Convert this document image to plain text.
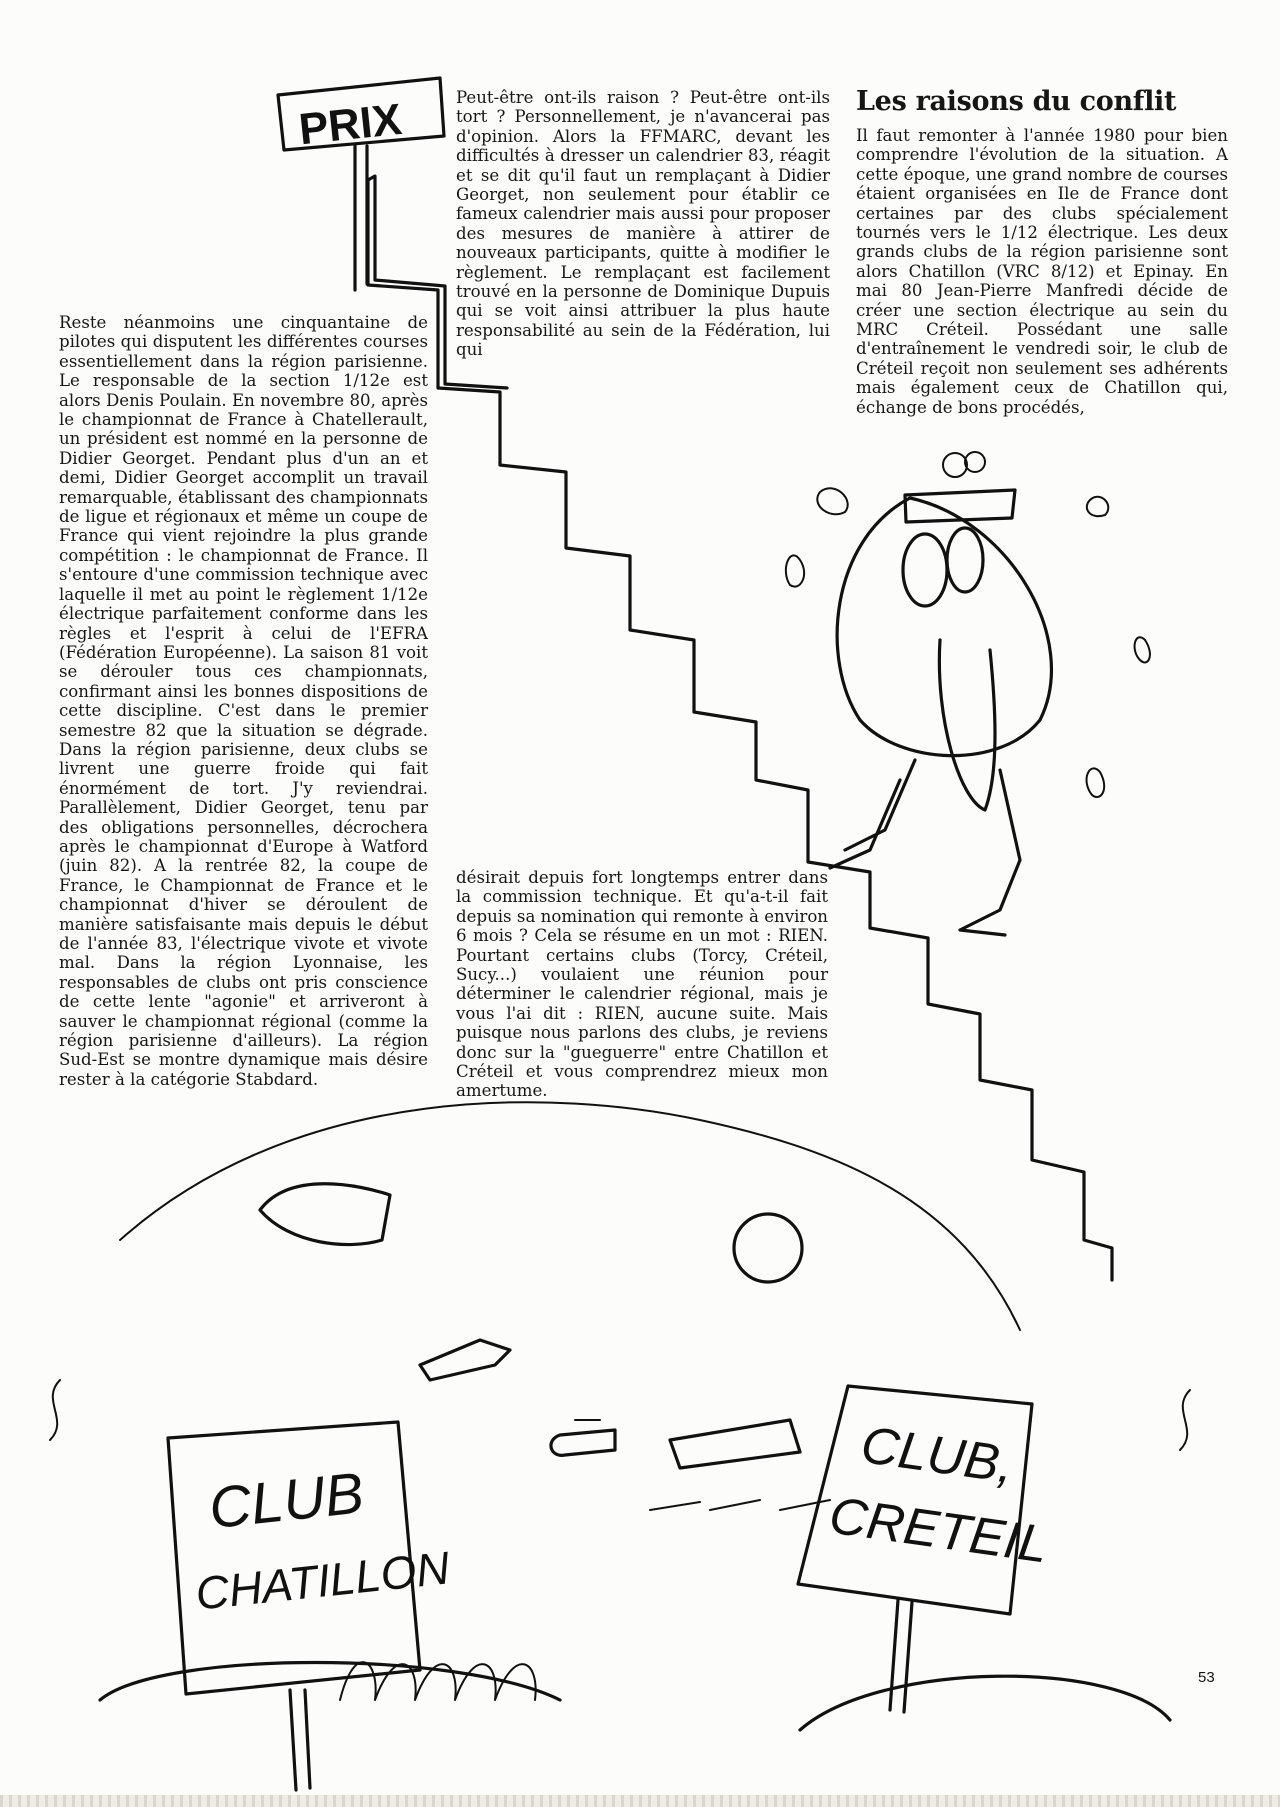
PRIX
CLUB
CHATILLON
CLUB,
CRETEIL
Les raisons du conflit

Peut-être ont-ils raison ? Peut-être ont-ils tort ? Personnellement, je n'avancerai pas d'opinion. Alors la FFMARC, devant les difficultés à dresser un calendrier 83, réagit et se dit qu'il faut un remplaçant à Didier Georget, non seulement pour établir ce fameux calendrier mais aussi pour proposer des mesures de manière à attirer de nouveaux participants, quitte à modifier le règlement. Le remplaçant est facilement trouvé en la personne de Dominique Dupuis qui se voit ainsi attribuer la plus haute responsabilité au sein de la Fédération, lui qui

Il faut remonter à l'année 1980 pour bien comprendre l'évolution de la situation. A cette époque, une grand nombre de courses étaient organisées en Ile de France dont certaines par des clubs spécialement tournés vers le 1/12 électrique. Les deux grands clubs de la région parisienne sont alors Chatillon (VRC 8/12) et Epinay. En mai 80 Jean-Pierre Manfredi décide de créer une section électrique au sein du MRC Créteil. Possédant une salle d'entraînement le vendredi soir, le club de Créteil reçoit non seulement ses adhérents mais également ceux de Chatillon qui, échange de bons procédés,

Reste néanmoins une cinquantaine de pilotes qui disputent les différentes courses essentiellement dans la région parisienne. Le responsable de la section 1/12e est alors Denis Poulain. En novembre 80, après le championnat de France à Chatellerault, un président est nommé en la personne de Didier Georget. Pendant plus d'un an et demi, Didier Georget accomplit un travail remarquable, établissant des championnats de ligue et régionaux et même un coupe de France qui vient rejoindre la plus grande compétition : le championnat de France. Il s'entoure d'une commission technique avec laquelle il met au point le règlement 1/12e électrique parfaitement conforme dans les règles et l'esprit à celui de l'EFRA (Fédération Européenne). La saison 81 voit se dérouler tous ces championnats, confirmant ainsi les bonnes dispositions de cette discipline. C'est dans le premier semestre 82 que la situation se dégrade. Dans la région parisienne, deux clubs se livrent une guerre froide qui fait énormément de tort. J'y reviendrai. Parallèlement, Didier Georget, tenu par des obligations personnelles, décrochera après le championnat d'Europe à Watford (juin 82). A la rentrée 82, la coupe de France, le Championnat de France et le championnat d'hiver se déroulent de manière satisfaisante mais depuis le début de l'année 83, l'électrique vivote et vivote mal. Dans la région Lyonnaise, les responsables de clubs ont pris conscience de cette lente "agonie" et arriveront à sauver le championnat régional (comme la région parisienne d'ailleurs). La région Sud-Est se montre dynamique mais désire rester à la catégorie Stabdard.

désirait depuis fort longtemps entrer dans la commission technique. Et qu'a-t-il fait depuis sa nomination qui remonte à environ 6 mois ? Cela se résume en un mot : RIEN. Pourtant certains clubs (Torcy, Créteil, Sucy...) voulaient une réunion pour déterminer le calendrier régional, mais je vous l'ai dit : RIEN, aucune suite. Mais puisque nous parlons des clubs, je reviens donc sur la "gueguerre" entre Chatillon et Créteil et vous comprendrez mieux mon amertume.

53
